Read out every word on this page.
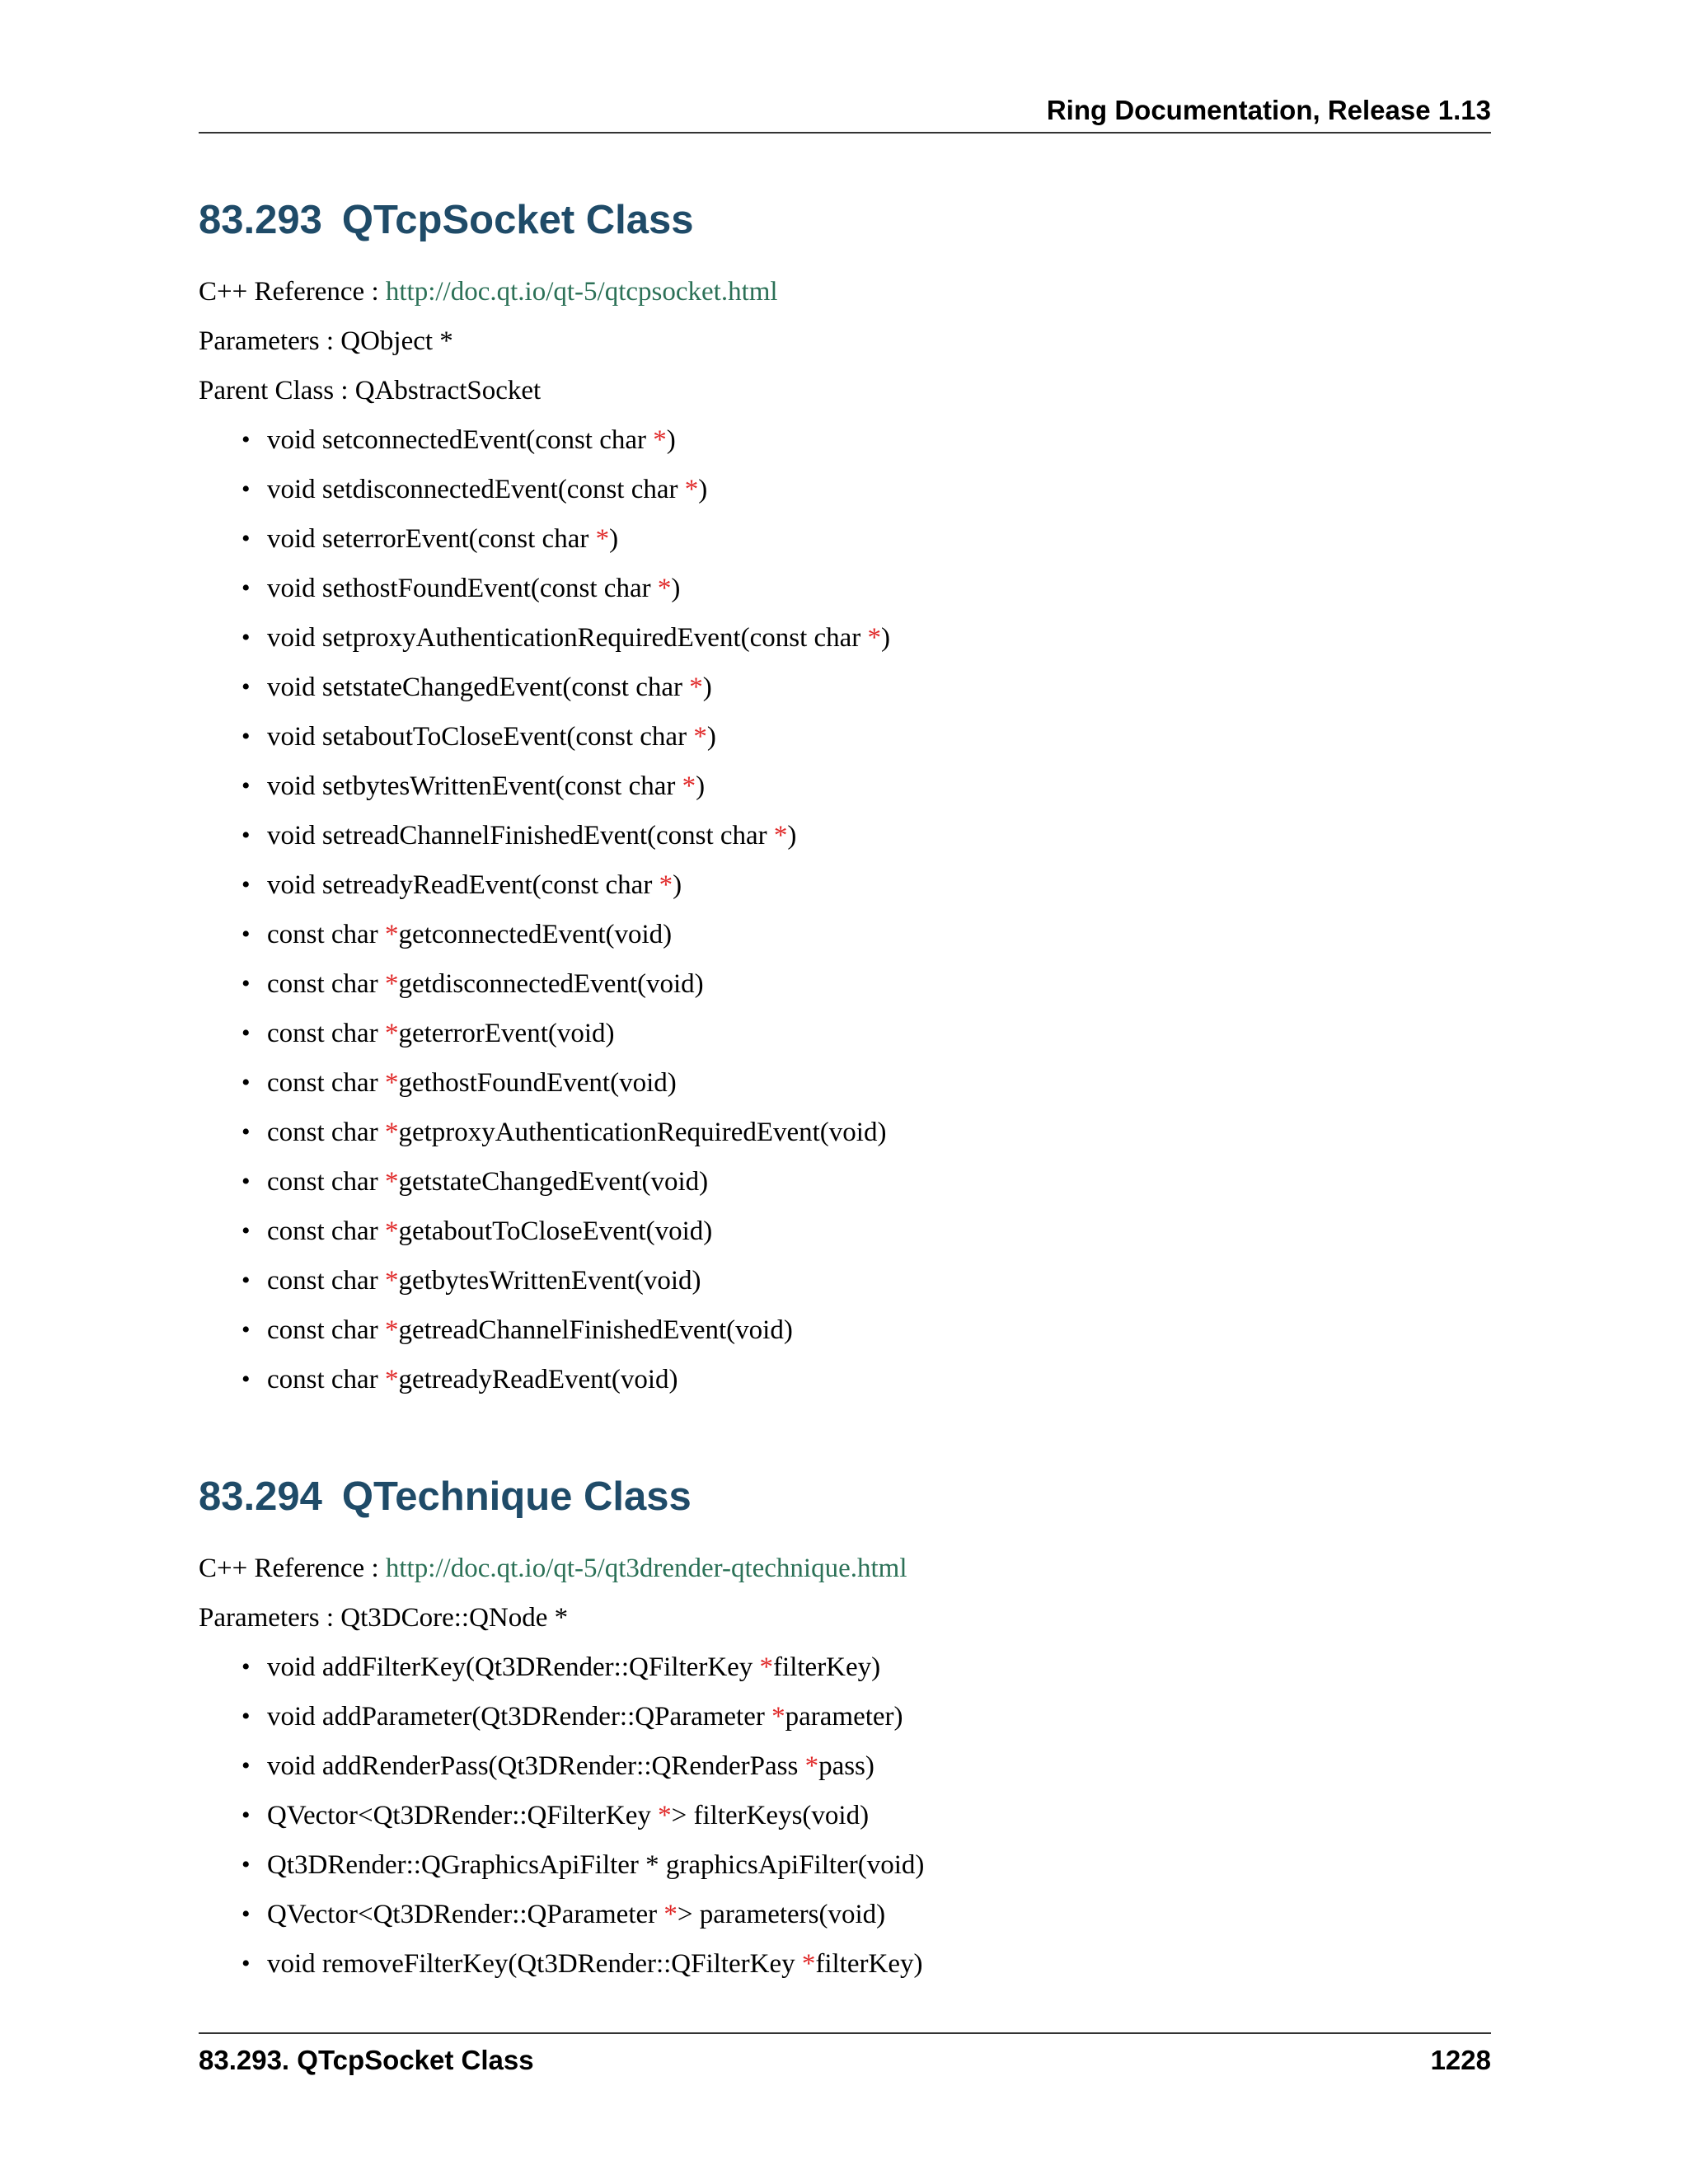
Ring Documentation, Release 1.13
83.293 QTcpSocket Class
C++ Reference : http://doc.qt.io/qt-5/qtcpsocket.html
Parameters : QObject *
Parent Class : QAbstractSocket
• void setconnectedEvent(const char *)
• void setdisconnectedEvent(const char *)
• void seterrorEvent(const char *)
• void sethostFoundEvent(const char *)
• void setproxyAuthenticationRequiredEvent(const char *)
• void setstateChangedEvent(const char *)
• void setaboutToCloseEvent(const char *)
• void setbytesWrittenEvent(const char *)
• void setreadChannelFinishedEvent(const char *)
• void setreadyReadEvent(const char *)
• const char *getconnectedEvent(void)
• const char *getdisconnectedEvent(void)
• const char *geterrorEvent(void)
• const char *gethostFoundEvent(void)
• const char *getproxyAuthenticationRequiredEvent(void)
• const char *getstateChangedEvent(void)
• const char *getaboutToCloseEvent(void)
• const char *getbytesWrittenEvent(void)
• const char *getreadChannelFinishedEvent(void)
• const char *getreadyReadEvent(void)
83.294 QTechnique Class
C++ Reference : http://doc.qt.io/qt-5/qt3drender-qtechnique.html
Parameters : Qt3DCore::QNode *
• void addFilterKey(Qt3DRender::QFilterKey *filterKey)
• void addParameter(Qt3DRender::QParameter *parameter)
• void addRenderPass(Qt3DRender::QRenderPass *pass)
• QVector<Qt3DRender::QFilterKey *> filterKeys(void)
• Qt3DRender::QGraphicsApiFilter * graphicsApiFilter(void)
• QVector<Qt3DRender::QParameter *> parameters(void)
• void removeFilterKey(Qt3DRender::QFilterKey *filterKey)
83.293. QTcpSocket Class	1228
